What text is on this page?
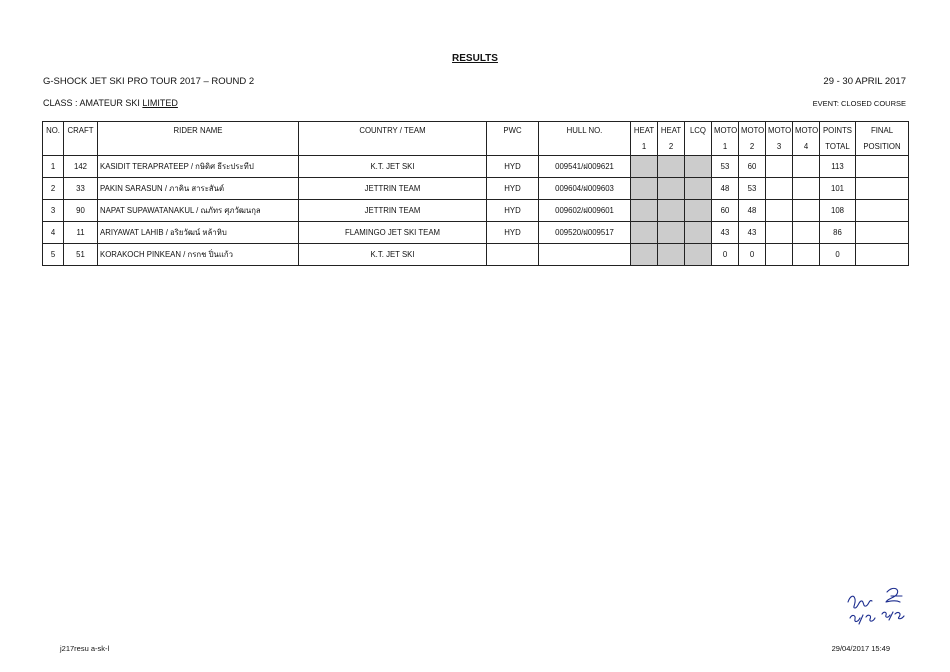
RESULTS
G-SHOCK JET SKI PRO TOUR 2017 – ROUND 2	29 - 30 APRIL 2017
CLASS : AMATEUR SKI LIMITED	EVENT: CLOSED COURSE
NO.	CRAFT	RIDER NAME	COUNTRY / TEAM	PWC	HULL NO.	HEAT	HEAT	LCQ	MOTO	MOTO	MOTO	MOTO	POINTS	FINAL
						1	2		1	2	3	4	TOTAL	POSITION
1	142	KASIDIT TERAPRATEEP / กษิดิศ ธีระประทีป	K.T. JET SKI	HYD	009541/ฝ009621				53	60			113	
2	33	PAKIN SARASUN / ภาคิน สาระสันต์	JETTRIN TEAM	HYD	009604/ฝ009603				48	53			101	
3	90	NAPAT SUPAWATANAKUL / ณภัทร ศุภวัฒนกุล	JETTRIN TEAM	HYD	009602/ฝ009601				60	48			108	
4	11	ARIYAWAT LAHIB / อริยวัฒน์ หล้าหิบ	FLAMINGO JET SKI TEAM	HYD	009520/ฝ009517				43	43			86	
5	51	KORAKOCH PINKEAN / กรกช ปิ่นแก้ว	K.T. JET SKI						0	0			0	
j217resu a-sk-l	29/04/2017 15:49
